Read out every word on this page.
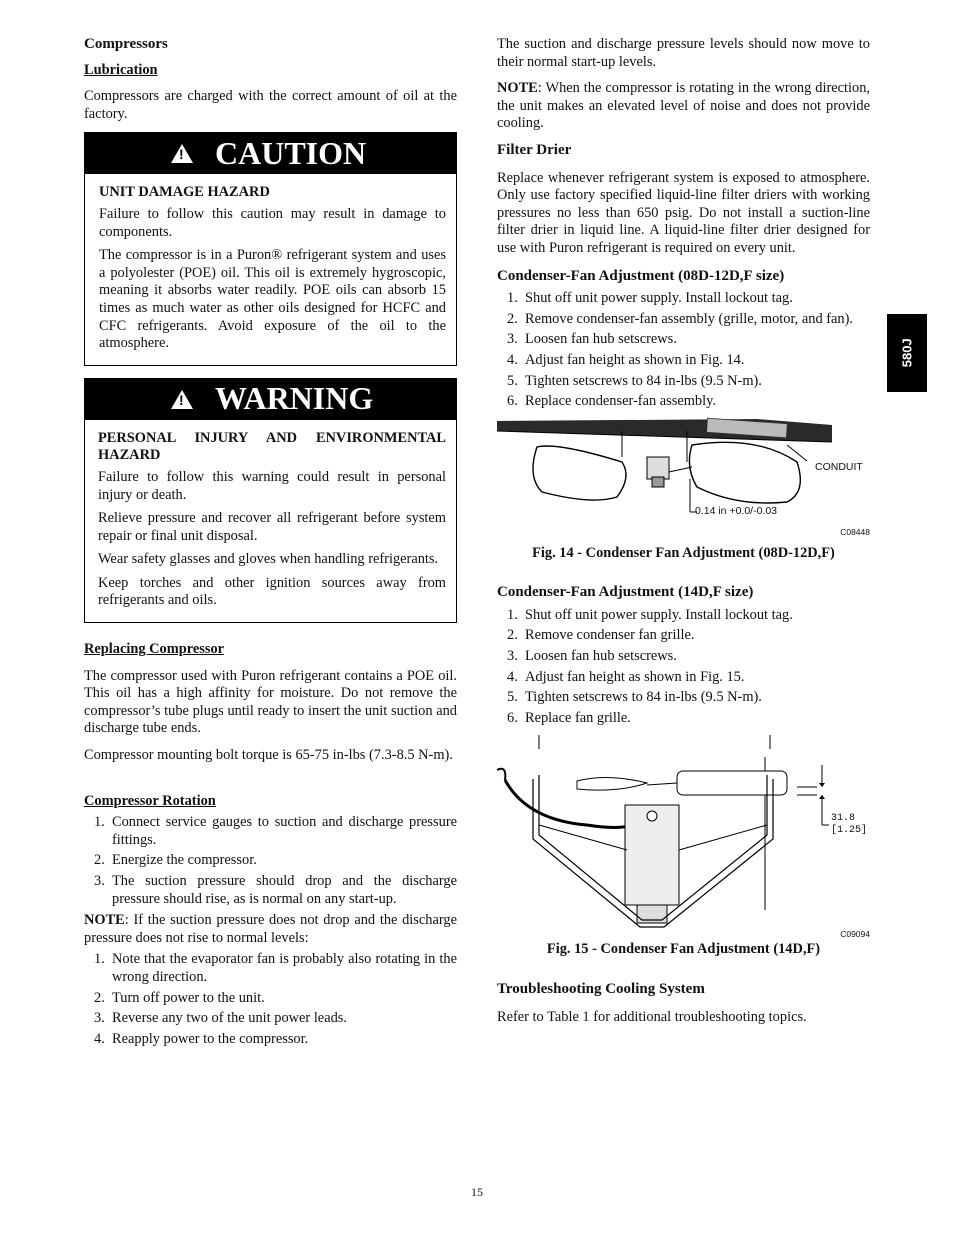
580J
Compressors
Lubrication

Compressors are charged with the correct amount of oil at the factory.

!
CAUTION
UNIT DAMAGE HAZARD

Failure to follow this caution may result in damage to components.

The compressor is in a Puron® refrigerant system and uses a polyolester (POE) oil. This oil is extremely hygroscopic, meaning it absorbs water readily. POE oils can absorb 15 times as much water as other oils designed for HCFC and CFC refrigerants. Avoid exposure of the oil to the atmosphere.

!
WARNING
PERSONAL INJURY AND ENVIRONMENTAL HAZARD

Failure to follow this warning could result in personal injury or death.

Relieve pressure and recover all refrigerant before system repair or final unit disposal.

Wear safety glasses and gloves when handling refrigerants.

Keep torches and other ignition sources away from refrigerants and oils.

Replacing Compressor

The compressor used with Puron refrigerant contains a POE oil. This oil has a high affinity for moisture. Do not remove the compressor’s tube plugs until ready to insert the unit suction and discharge tube ends.

Compressor mounting bolt torque is 65-75 in-lbs (7.3-8.5 N-m).

Compressor Rotation
1. Connect service gauges to suction and discharge pressure fittings.
2. Energize the compressor.
3. The suction pressure should drop and the discharge pressure should rise, as is normal on any start-up.

NOTE: If the suction pressure does not drop and the discharge pressure does not rise to normal levels:

1. Note that the evaporator fan is probably also rotating in the wrong direction.
2. Turn off power to the unit.
3. Reverse any two of the unit power leads.
4. Reapply power to the compressor.

The suction and discharge pressure levels should now move to their normal start-up levels.

NOTE: When the compressor is rotating in the wrong direction, the unit makes an elevated level of noise and does not provide cooling.

Filter Drier

Replace whenever refrigerant system is exposed to atmosphere. Only use factory specified liquid-line filter driers with working pressures no less than 650 psig. Do not install a suction-line filter drier in liquid line. A liquid-line filter drier designed for use with Puron refrigerant is required on every unit.

Condenser-Fan Adjustment (08D-12D,F size)
1. Shut off unit power supply. Install lockout tag.
2. Remove condenser-fan assembly (grille, motor, and fan).
3. Loosen fan hub setscrews.
4. Adjust fan height as shown in Fig. 14.
5. Tighten setscrews to 84 in-lbs (9.5 N-m).
6. Replace condenser-fan assembly.
CONDUIT
0.14 in +0.0/-0.03
C08448

Fig. 14 - Condenser Fan Adjustment (08D-12D,F)

Condenser-Fan Adjustment (14D,F size)
1. Shut off unit power supply. Install lockout tag.
2. Remove condenser fan grille.
3. Loosen fan hub setscrews.
4. Adjust fan height as shown in Fig. 15.
5. Tighten setscrews to 84 in-lbs (9.5 N-m).
6. Replace fan grille.
31.8
[1.25]
C09094

Fig. 15 - Condenser Fan Adjustment (14D,F)

Troubleshooting Cooling System

Refer to Table 1 for additional troubleshooting topics.

15
